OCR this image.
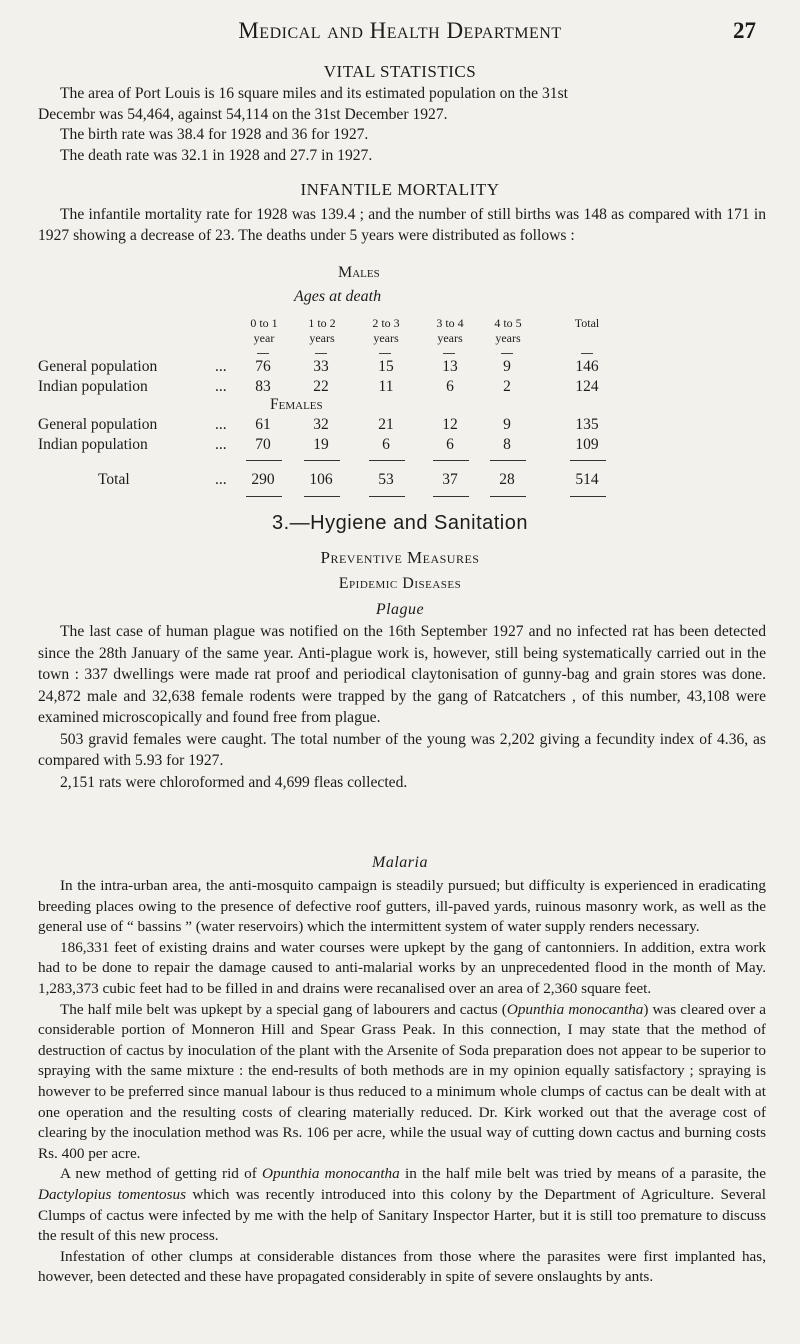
Medical and Health Department	27
VITAL STATISTICS

The area of Port Louis is 16 square miles and its estimated population on the 31st

Decembr was 54,464, against 54,114 on the 31st December 1927.

The birth rate was 38.4 for 1928 and 36 for 1927.

The death rate was 32.1 in 1928 and 27.7 in 1927.

INFANTILE MORTALITY

The infantile mortality rate for 1928 was 139.4 ; and the number of still births was 148 as compared with 171 in 1927 showing a decrease of 23. The deaths under 5 years were distributed as follows :

Males
Ages at death
0 to 1
year
1 to 2
years
2 to 3
years
3 to 4
years
4 to 5
years
Total
General population	...	76	33	15	13	9	146
Indian population	...	83	22	11	6	2	124
Females
General population	...	61	32	21	12	9	135
Indian population	...	70	19	6	6	8	109
Total	...	290	106	53	37	28	514
3.—Hygiene and Sanitation
Preventive Measures
Epidemic Diseases
Plague

The last case of human plague was notified on the 16th September 1927 and no infected rat has been detected since the 28th January of the same year. Anti-plague work is, however, still being systematically carried out in the town : 337 dwellings were made rat proof and periodical claytonisation of gunny-bag and grain stores was done. 24,872 male and 32,638 female rodents were trapped by the gang of Ratcatchers , of this number, 43,108 were examined microscopically and found free from plague.

503 gravid females were caught. The total number of the young was 2,202 giving a fecundity index of 4.36, as compared with 5.93 for 1927.

2,151 rats were chloroformed and 4,699 fleas collected.

Malaria

In the intra-urban area, the anti-mosquito campaign is steadily pursued; but difficulty is experienced in eradicating breeding places owing to the presence of defective roof gutters, ill-paved yards, ruinous masonry work, as well as the general use of “ bassins ” (water reservoirs) which the intermittent system of water supply renders necessary.

186,331 feet of existing drains and water courses were upkept by the gang of cantonniers. In addition, extra work had to be done to repair the damage caused to anti-malarial works by an unprecedented flood in the month of May. 1,283,373 cubic feet had to be filled in and drains were recanalised over an area of 2,360 square feet.

The half mile belt was upkept by a special gang of labourers and cactus (Opunthia monocantha) was cleared over a considerable portion of Monneron Hill and Spear Grass Peak. In this connection, I may state that the method of destruction of cactus by inoculation of the plant with the Arsenite of Soda preparation does not appear to be superior to spraying with the same mixture : the end-results of both methods are in my opinion equally satisfactory ; spraying is however to be preferred since manual labour is thus reduced to a minimum whole clumps of cactus can be dealt with at one operation and the resulting costs of clearing materially reduced. Dr. Kirk worked out that the average cost of clearing by the inoculation method was Rs. 106 per acre, while the usual way of cutting down cactus and burning costs Rs. 400 per acre.

A new method of getting rid of Opunthia monocantha in the half mile belt was tried by means of a parasite, the Dactylopius tomentosus which was recently introduced into this colony by the Department of Agriculture. Several Clumps of cactus were infected by me with the help of Sanitary Inspector Harter, but it is still too premature to discuss the result of this new process.

Infestation of other clumps at considerable distances from those where the parasites were first implanted has, however, been detected and these have propagated considerably in spite of severe onslaughts by ants.
